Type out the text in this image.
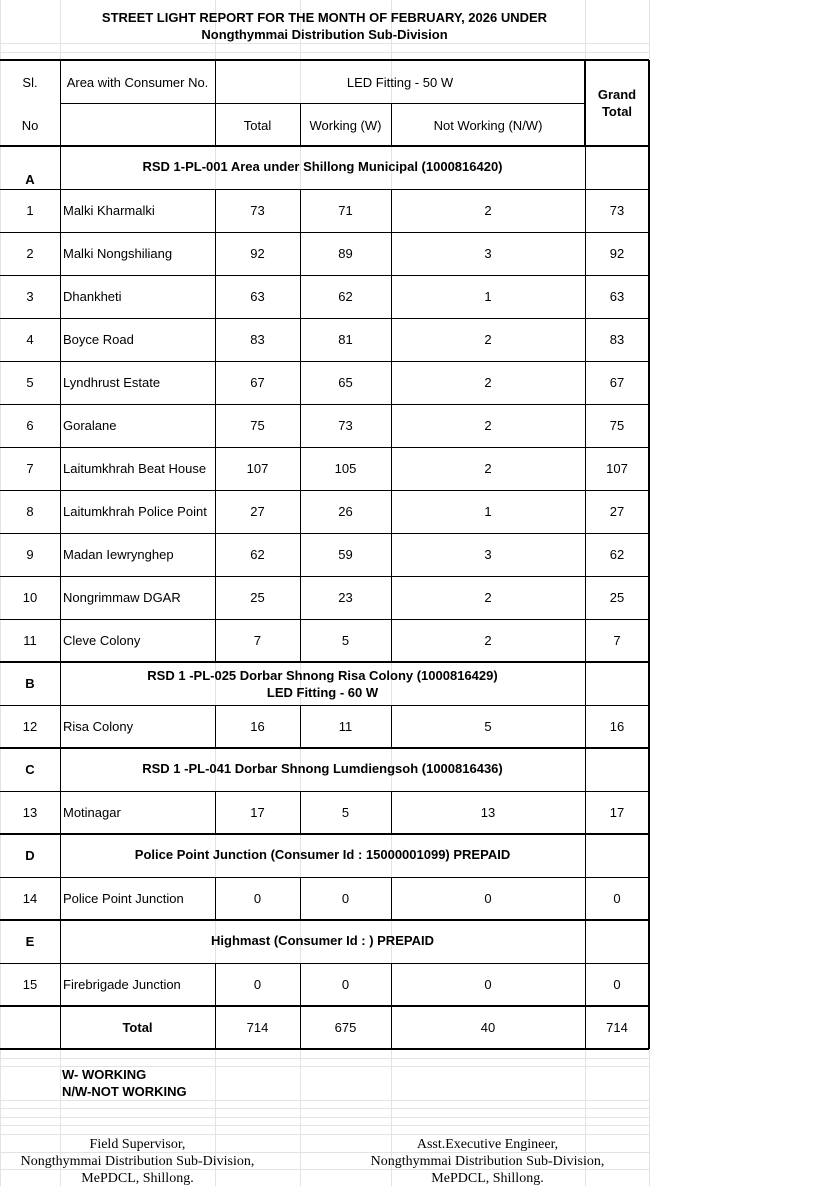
STREET LIGHT REPORT FOR THE MONTH OF FEBRUARY, 2026 UNDER
Nongthymmai Distribution Sub-Division
Sl.
No
Area with Consumer No.	LED Fitting - 50 W
Total	Working (W)	Not Working (N/W)
Grand
Total
A
RSD 1-PL-001 Area under Shillong Municipal (1000816420)
1	Malki Kharmalki	73	71	2	73
2	Malki Nongshiliang	92	89	3	92
3	Dhankheti	63	62	1	63
4	Boyce Road	83	81	2	83
5	Lyndhrust Estate	67	65	2	67
6	Goralane	75	73	2	75
7	Laitumkhrah Beat House	107	105	2	107
8	Laitumkhrah Police Point	27	26	1	27
9	Madan Iewrynghep	62	59	3	62
10	Nongrimmaw DGAR	25	23	2	25
11	Cleve Colony	7	5	2	7
B
RSD 1 -PL-025 Dorbar Shnong Risa Colony (1000816429)
LED Fitting - 60 W
12	Risa Colony	16	11	5	16
C	RSD 1 -PL-041 Dorbar Shnong Lumdiengsoh (1000816436)
13	Motinagar	17	5	13	17
D	Police Point Junction (Consumer Id : 15000001099) PREPAID
14	Police Point Junction	0	0	0	0
E	Highmast (Consumer Id : ) PREPAID
15	Firebrigade Junction	0	0	0	0
Total	714	675	40	714
W- WORKING
N/W-NOT WORKING
Field Supervisor,
Nongthymmai Distribution Sub-Division,
MePDCL, Shillong.
Asst.Executive Engineer,
Nongthymmai Distribution Sub-Division,
MePDCL, Shillong.
